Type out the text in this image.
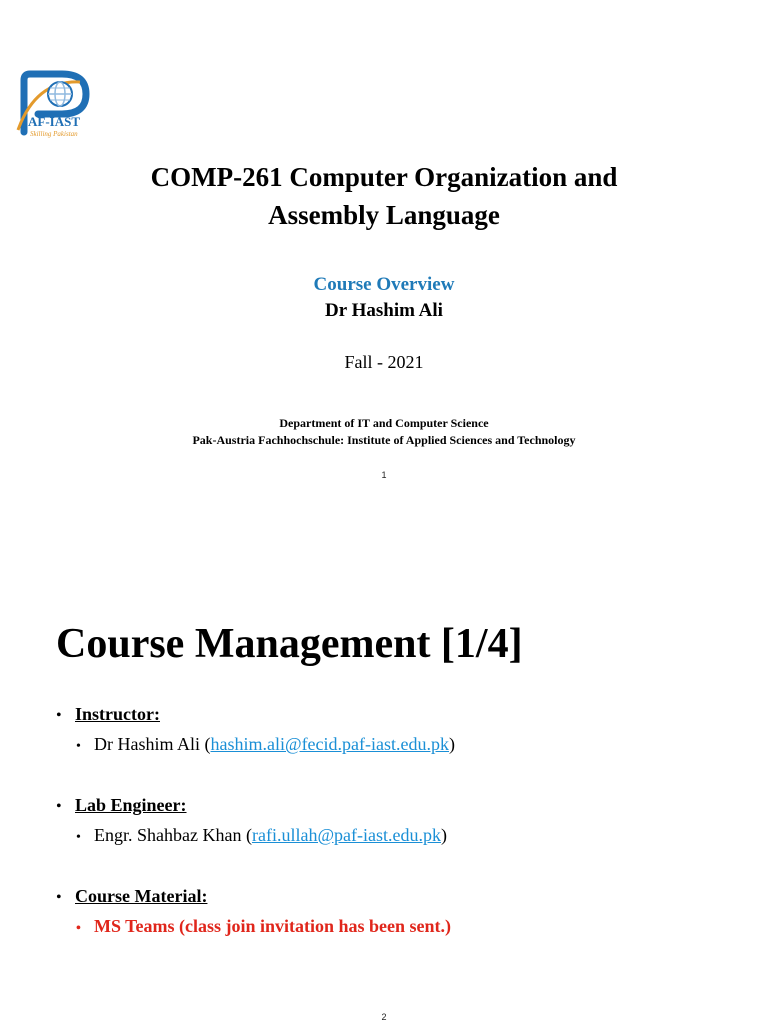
AF-IAST
Skilling Pakistan
COMP-261 Computer Organization and
Assembly Language

Course Overview

Dr Hashim Ali

Fall - 2021

Department of IT and Computer Science

Pak-Austria Fachhochschule: Institute of Applied Sciences and Technology

1
Course Management [1/4]
• Instructor:
• Dr Hashim Ali (hashim.ali@fecid.paf-iast.edu.pk)
• Lab Engineer:
• Engr. Shahbaz Khan (rafi.ullah@paf-iast.edu.pk)
• Course Material:
• MS Teams (class join invitation has been sent.)
2
